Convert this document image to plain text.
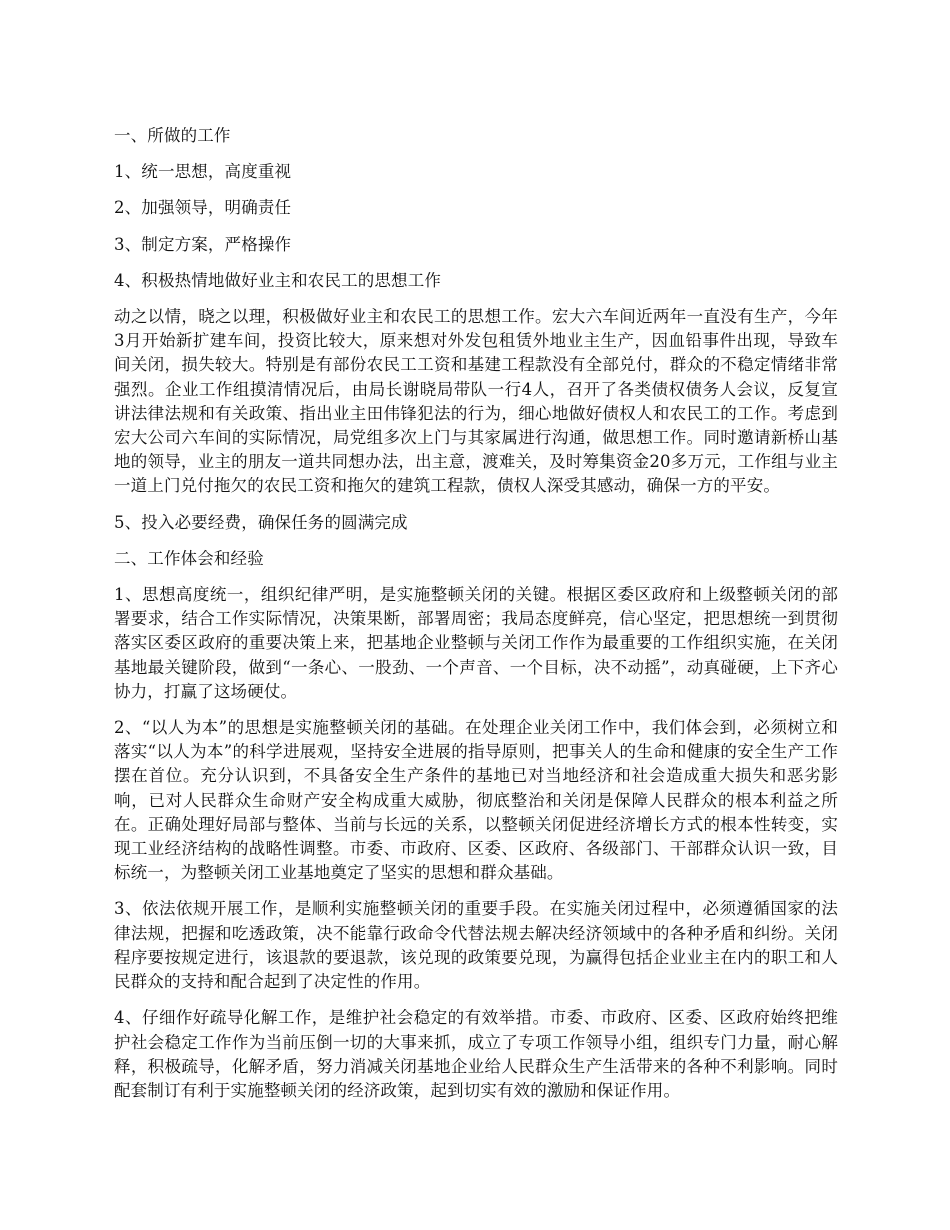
一、所做的工作

1、统一思想，高度重视

2、加强领导，明确责任

3、制定方案，严格操作

4、积极热情地做好业主和农民工的思想工作

动之以情，晓之以理，积极做好业主和农民工的思想工作。宏大六车间近两年一直没有生产，今年3月开始新扩建车间，投资比较大，原来想对外发包租赁外地业主生产，因血铅事件出现，导致车间关闭，损失较大。特别是有部份农民工工资和基建工程款没有全部兑付，群众的不稳定情绪非常强烈。企业工作组摸清情况后，由局长谢晓局带队一行4人，召开了各类债权债务人会议，反复宣讲法律法规和有关政策、指出业主田伟锋犯法的行为，细心地做好债权人和农民工的工作。考虑到宏大公司六车间的实际情况，局党组多次上门与其家属进行沟通，做思想工作。同时邀请新桥山基地的领导，业主的朋友一道共同想办法，出主意，渡难关，及时筹集资金20多万元，工作组与业主一道上门兑付拖欠的农民工资和拖欠的建筑工程款，债权人深受其感动，确保一方的平安。

5、投入必要经费，确保任务的圆满完成

二、工作体会和经验

1、思想高度统一，组织纪律严明，是实施整顿关闭的关键。根据区委区政府和上级整顿关闭的部署要求，结合工作实际情况，决策果断，部署周密；我局态度鲜亮，信心坚定，把思想统一到贯彻落实区委区政府的重要决策上来，把基地企业整顿与关闭工作作为最重要的工作组织实施，在关闭基地最关键阶段，做到“一条心、一股劲、一个声音、一个目标，决不动摇”，动真碰硬，上下齐心协力，打赢了这场硬仗。

2、“以人为本”的思想是实施整顿关闭的基础。在处理企业关闭工作中，我们体会到，必须树立和落实“以人为本”的科学进展观，坚持安全进展的指导原则，把事关人的生命和健康的安全生产工作摆在首位。充分认识到，不具备安全生产条件的基地已对当地经济和社会造成重大损失和恶劣影响，已对人民群众生命财产安全构成重大威胁，彻底整治和关闭是保障人民群众的根本利益之所在。正确处理好局部与整体、当前与长远的关系，以整顿关闭促进经济增长方式的根本性转变，实现工业经济结构的战略性调整。市委、市政府、区委、区政府、各级部门、干部群众认识一致，目标统一，为整顿关闭工业基地奠定了坚实的思想和群众基础。

3、依法依规开展工作，是顺利实施整顿关闭的重要手段。在实施关闭过程中，必须遵循国家的法律法规，把握和吃透政策，决不能靠行政命令代替法规去解决经济领域中的各种矛盾和纠纷。关闭程序要按规定进行，该退款的要退款，该兑现的政策要兑现，为赢得包括企业业主在内的职工和人民群众的支持和配合起到了决定性的作用。

4、仔细作好疏导化解工作，是维护社会稳定的有效举措。市委、市政府、区委、区政府始终把维护社会稳定工作作为当前压倒一切的大事来抓，成立了专项工作领导小组，组织专门力量，耐心解释，积极疏导，化解矛盾，努力消减关闭基地企业给人民群众生产生活带来的各种不利影响。同时配套制订有利于实施整顿关闭的经济政策，起到切实有效的激励和保证作用。
